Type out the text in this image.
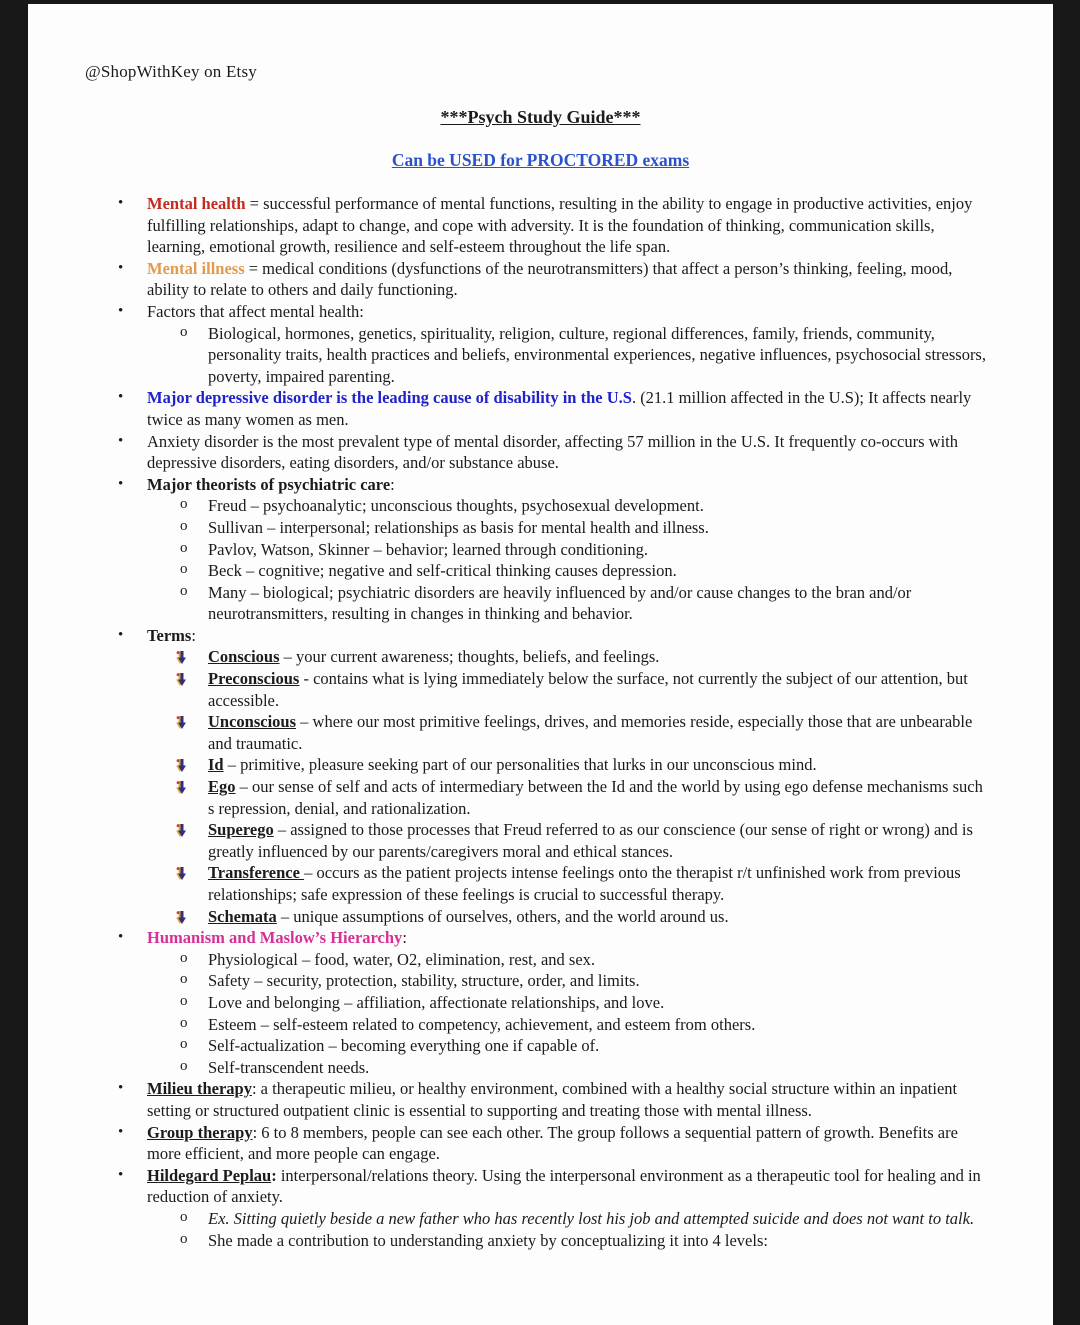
@ShopWithKey on Etsy
***Psych Study Guide***
Can be USED for PROCTORED exams
• Mental health = successful performance of mental functions, resulting in the ability to engage in productive activities, enjoy fulfilling relationships, adapt to change, and cope with adversity. It is the foundation of thinking, communication skills, learning, emotional growth, resilience and self-esteem throughout the life span.
• Mental illness = medical conditions (dysfunctions of the neurotransmitters) that affect a person’s thinking, feeling, mood, ability to relate to others and daily functioning.
• Factors that affect mental health:
o Biological, hormones, genetics, spirituality, religion, culture, regional differences, family, friends, community, personality traits, health practices and beliefs, environmental experiences, negative influences, psychosocial stressors, poverty, impaired parenting.
• Major depressive disorder is the leading cause of disability in the U.S. (21.1 million affected in the U.S); It affects nearly twice as many women as men.
• Anxiety disorder is the most prevalent type of mental disorder, affecting 57 million in the U.S. It frequently co-occurs with depressive disorders, eating disorders, and/or substance abuse.
• Major theorists of psychiatric care:
o Freud – psychoanalytic; unconscious thoughts, psychosexual development.
o Sullivan – interpersonal; relationships as basis for mental health and illness.
o Pavlov, Watson, Skinner – behavior; learned through conditioning.
o Beck – cognitive; negative and self-critical thinking causes depression.
o Many – biological; psychiatric disorders are heavily influenced by and/or cause changes to the bran and/or neurotransmitters, resulting in changes in thinking and behavior.
• Terms:
Conscious – your current awareness; thoughts, beliefs, and feelings.
Preconscious - contains what is lying immediately below the surface, not currently the subject of our attention, but accessible.
Unconscious – where our most primitive feelings, drives, and memories reside, especially those that are unbearable and traumatic.
Id – primitive, pleasure seeking part of our personalities that lurks in our unconscious mind.
Ego – our sense of self and acts of intermediary between the Id and the world by using ego defense mechanisms such s repression, denial, and rationalization.
Superego – assigned to those processes that Freud referred to as our conscience (our sense of right or wrong) and is greatly influenced by our parents/caregivers moral and ethical stances.
Transference – occurs as the patient projects intense feelings onto the therapist r/t unfinished work from previous relationships; safe expression of these feelings is crucial to successful therapy.
Schemata – unique assumptions of ourselves, others, and the world around us.
• Humanism and Maslow’s Hierarchy:
o Physiological – food, water, O2, elimination, rest, and sex.
o Safety – security, protection, stability, structure, order, and limits.
o Love and belonging – affiliation, affectionate relationships, and love.
o Esteem – self-esteem related to competency, achievement, and esteem from others.
o Self-actualization – becoming everything one if capable of.
o Self-transcendent needs.
• Milieu therapy: a therapeutic milieu, or healthy environment, combined with a healthy social structure within an inpatient setting or structured outpatient clinic is essential to supporting and treating those with mental illness.
• Group therapy: 6 to 8 members, people can see each other. The group follows a sequential pattern of growth. Benefits are more efficient, and more people can engage.
• Hildegard Peplau: interpersonal/relations theory. Using the interpersonal environment as a therapeutic tool for healing and in reduction of anxiety.
o Ex. Sitting quietly beside a new father who has recently lost his job and attempted suicide and does not want to talk.
o She made a contribution to understanding anxiety by conceptualizing it into 4 levels:
